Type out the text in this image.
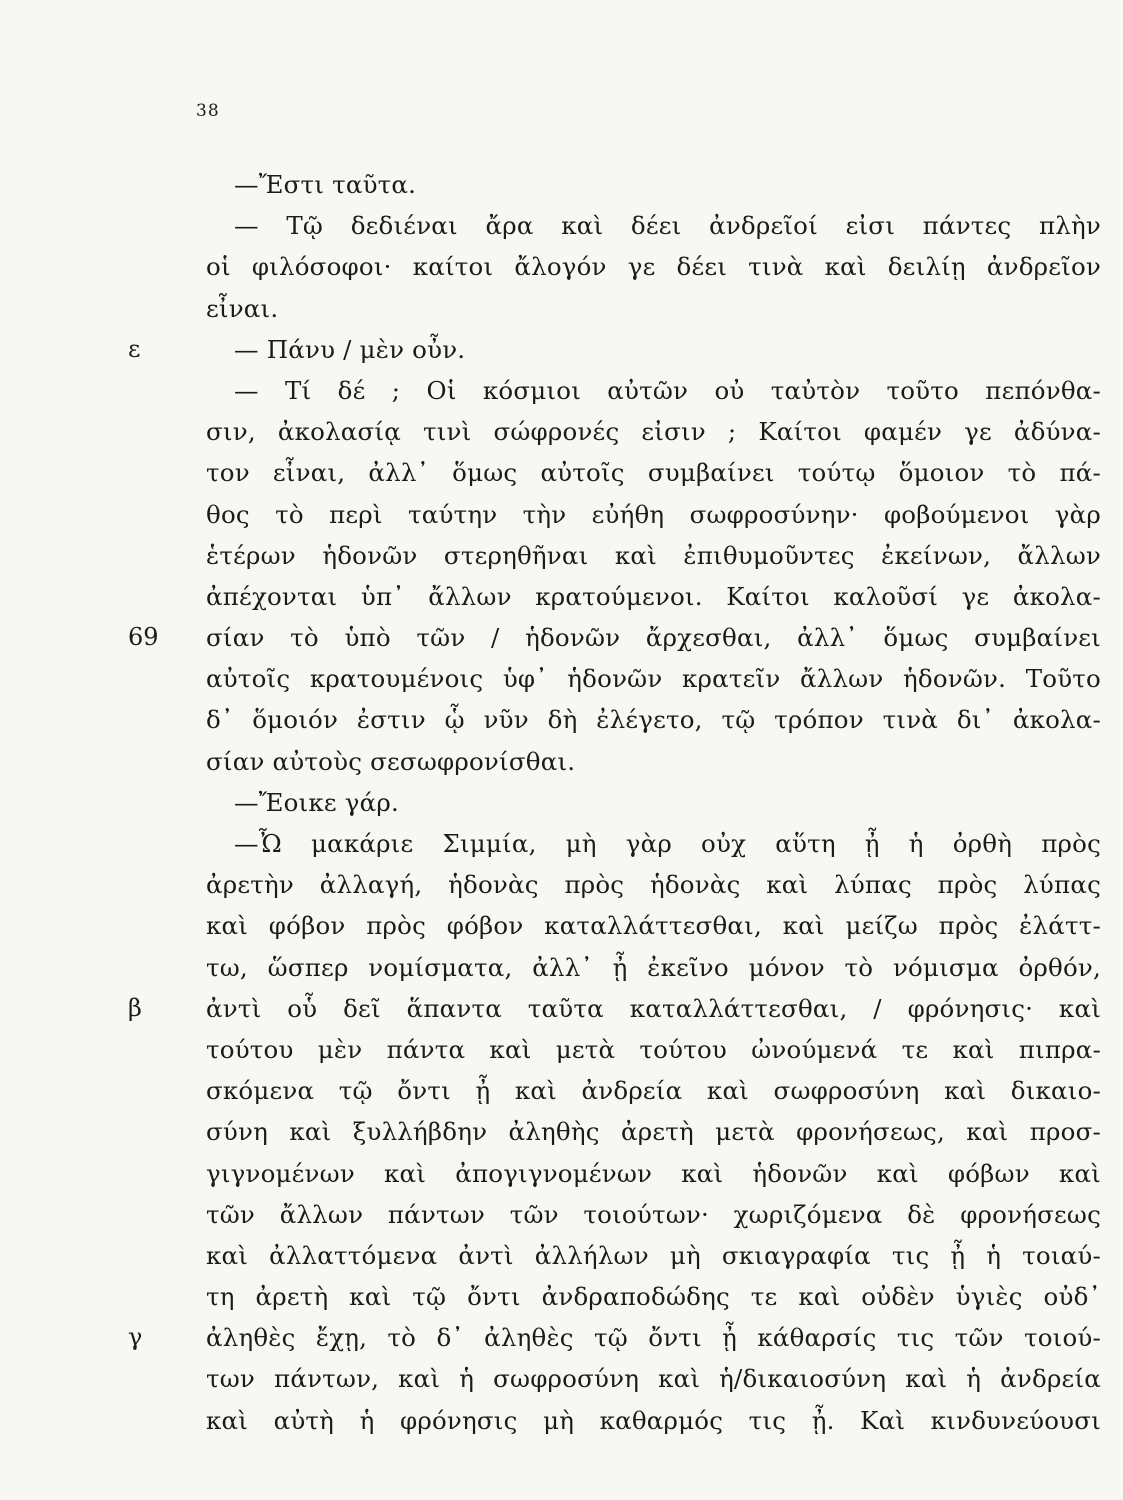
38
—Ἔστι ταῦτα.
— Τῷ δεδιέναι ἄρα καὶ δέει ἀνδρεῖοί εἰσι πάντες πλὴν
οἱ φιλόσοφοι· καίτοι ἄλογόν γε δέει τινὰ καὶ δειλίῃ ἀνδρεῖον
εἶναι.
ε	— Πάνυ / μὲν οὖν.
— Τί δέ ; Οἱ κόσμιοι αὐτῶν οὐ ταὐτὸν τοῦτο πεπόνθα-
σιν, ἀκολασίᾳ τινὶ σώφρονές εἰσιν ; Καίτοι φαμέν γε ἀδύνα-
τον εἶναι, ἀλλ᾿ ὅμως αὐτοῖς συμβαίνει τούτῳ ὅμοιον τὸ πά-
θος τὸ περὶ ταύτην τὴν εὐήθη σωφροσύνην· φοβούμενοι γὰρ
ἑτέρων ἡδονῶν στερηθῆναι καὶ ἐπιθυμοῦντες ἐκείνων, ἄλλων
ἀπέχονται ὑπ᾿ ἄλλων κρατούμενοι. Καίτοι καλοῦσί γε ἀκολα-
69	σίαν τὸ ὑπὸ τῶν / ἡδονῶν ἄρχεσθαι, ἀλλ᾿ ὅμως συμβαίνει
αὐτοῖς κρατουμένοις ὑφ᾿ ἡδονῶν κρατεῖν ἄλλων ἡδονῶν. Τοῦτο
δ᾿ ὅμοιόν ἐστιν ᾧ νῦν δὴ ἐλέγετο, τῷ τρόπον τινὰ δι᾿ ἀκολα-
σίαν αὐτοὺς σεσωφρονίσθαι.
—Ἔοικε γάρ.
—Ὦ μακάριε Σιμμία, μὴ γὰρ οὐχ αὕτη ᾖ ἡ ὀρθὴ πρὸς
ἀρετὴν ἀλλαγή, ἡδονὰς πρὸς ἡδονὰς καὶ λύπας πρὸς λύπας
καὶ φόβον πρὸς φόβον καταλλάττεσθαι, καὶ μείζω πρὸς ἐλάττ-
τω, ὥσπερ νομίσματα, ἀλλ᾿ ᾖ ἐκεῖνο μόνον τὸ νόμισμα ὀρθόν,
β	ἀντὶ οὗ δεῖ ἅπαντα ταῦτα καταλλάττεσθαι, / φρόνησις· καὶ
τούτου μὲν πάντα καὶ μετὰ τούτου ὠνούμενά τε καὶ πιπρα-
σκόμενα τῷ ὄντι ᾖ καὶ ἀνδρεία καὶ σωφροσύνη καὶ δικαιο-
σύνη καὶ ξυλλήβδην ἀληθὴς ἀρετὴ μετὰ φρονήσεως, καὶ προσ-
γιγνομένων καὶ ἀπογιγνομένων καὶ ἡδονῶν καὶ φόβων καὶ
τῶν ἄλλων πάντων τῶν τοιούτων· χωριζόμενα δὲ φρονήσεως
καὶ ἀλλαττόμενα ἀντὶ ἀλλήλων μὴ σκιαγραφία τις ᾖ ἡ τοιαύ-
τη ἀρετὴ καὶ τῷ ὄντι ἀνδραποδώδης τε καὶ οὐδὲν ὑγιὲς οὐδ᾿
γ	ἀληθὲς ἔχῃ, τὸ δ᾿ ἀληθὲς τῷ ὄντι ᾖ κάθαρσίς τις τῶν τοιού-
των πάντων, καὶ ἡ σωφροσύνη καὶ ἡ/δικαιοσύνη καὶ ἡ ἀνδρεία
καὶ αὐτὴ ἡ φρόνησις μὴ καθαρμός τις ᾖ. Καὶ κινδυνεύουσι
